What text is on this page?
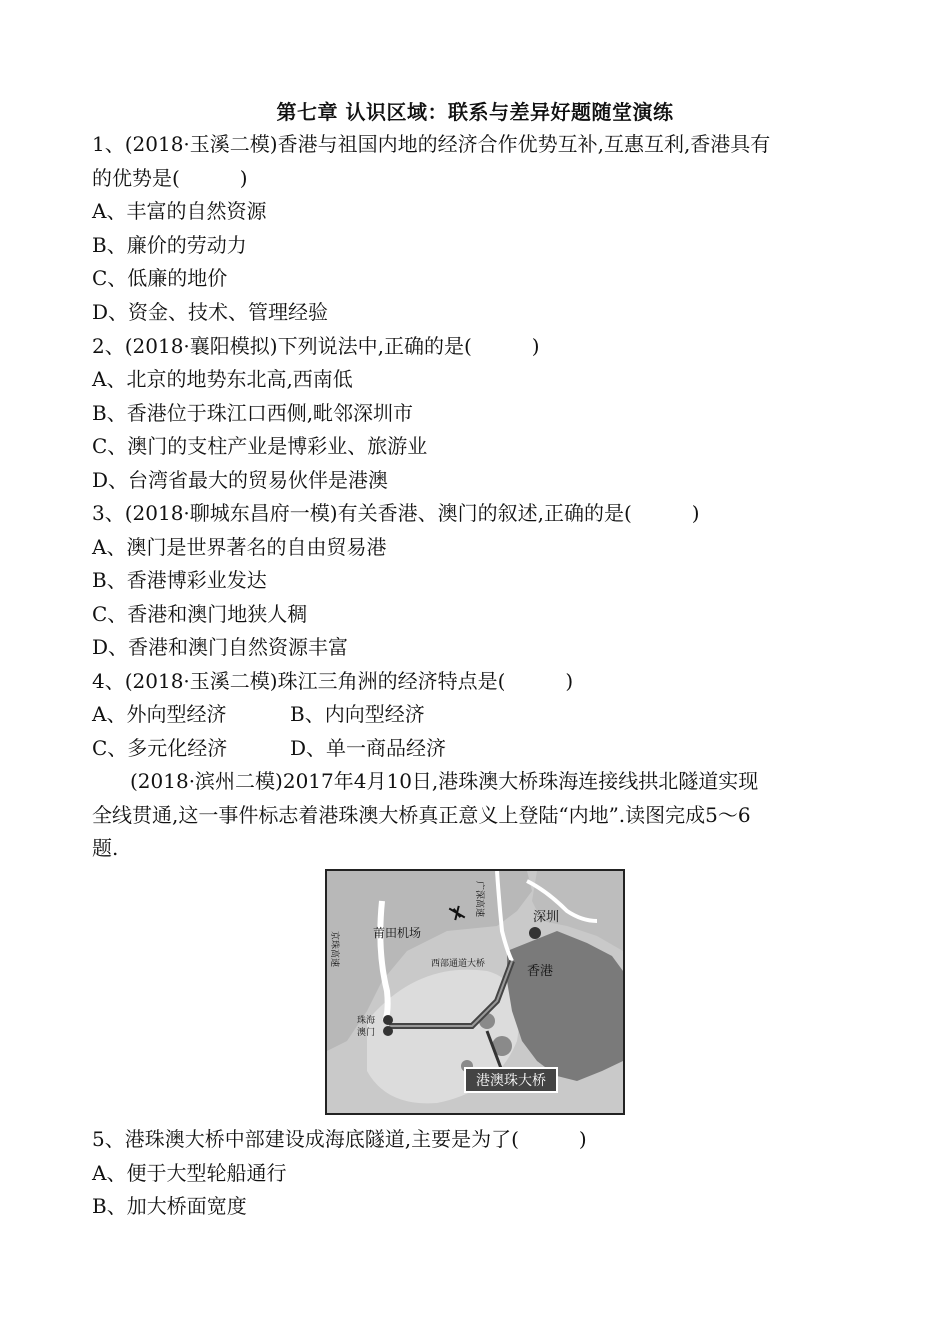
第七章 认识区域：联系与差异好题随堂演练
1、(2018·玉溪二模)香港与祖国内地的经济合作优势互补,互惠互利,香港具有
的优势是(　　　)
A、丰富的自然资源
B、廉价的劳动力
C、低廉的地价
D、资金、技术、管理经验
2、(2018·襄阳模拟)下列说法中,正确的是(　　　)
A、北京的地势东北高,西南低
B、香港位于珠江口西侧,毗邻深圳市
C、澳门的支柱产业是博彩业、旅游业
D、台湾省最大的贸易伙伴是港澳
3、(2018·聊城东昌府一模)有关香港、澳门的叙述,正确的是(　　　)
A、澳门是世界著名的自由贸易港
B、香港博彩业发达
C、香港和澳门地狭人稠
D、香港和澳门自然资源丰富
4、(2018·玉溪二模)珠江三角洲的经济特点是(　　　)
A、外向型经济	B、内向型经济
C、多元化经济	D、单一商品经济
(2018·滨州二模)2017年4月10日,港珠澳大桥珠海连接线拱北隧道实现
全线贯通,这一事件标志着港珠澳大桥真正意义上登陆“内地”.读图完成5～6
题.
港澳珠大桥
莆田机场
深圳
香港
西部通道大桥
珠海
澳门
京珠高速
广深高速
5、港珠澳大桥中部建设成海底隧道,主要是为了(　　　)
A、便于大型轮船通行
B、加大桥面宽度
